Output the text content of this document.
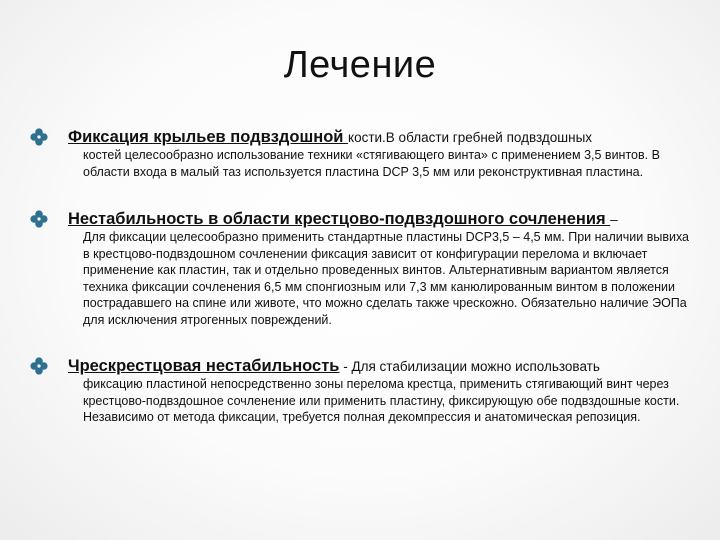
Лечение
Фиксация крыльев подвздошной кости.В области гребней подвздошных
костей целесообразно использование техники «стягивающего винта» с применением 3,5 винтов. В области входа в малый таз используется пластина DCP 3,5 мм или реконструктивная пластина.
Нестабильность в области крестцово-подвздошного сочленения –
Для фиксации целесообразно применить стандартные пластины DCP3,5 – 4,5 мм. При наличии вывиха в крестцово-подвздошном сочленении фиксация зависит от конфигурации перелома и включает применение как пластин, так и отдельно проведенных винтов. Альтернативным вариантом является техника фиксации сочленения 6,5 мм спонгиозным или 7,3 мм канюлированным винтом в положении пострадавшего на спине или животе, что можно сделать также чрескожно. Обязательно наличие ЭОПа для исключения ятрогенных повреждений.
Чрескрестцовая нестабильность - Для стабилизации можно использовать
фиксацию пластиной непосредственно зоны перелома крестца, применить стягивающий винт через крестцово-подвздошное сочленение или применить пластину, фиксирующую обе подвздошные кости. Независимо от метода фиксации, требуется полная декомпрессия и анатомическая репозиция.
